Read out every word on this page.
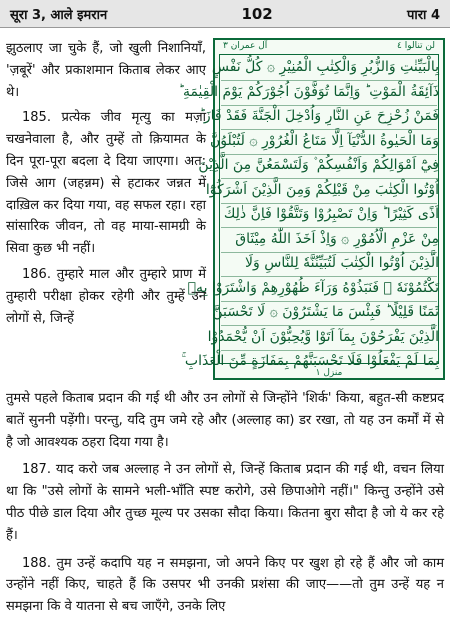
सूरा 3, आले इमरान	102	पारा 4

झुठलाए जा चुके हैं, जो खुली निशानियाँ, 'ज़बूरें' और प्रकाशमान किताब लेकर आए थे।

185. प्रत्येक जीव मृत्यु का मज़ा चखनेवाला है, और तुम्हें तो क़ियामत के दिन पूरा-पूरा बदला दे दिया जाएगा। अत: जिसे आग (जहन्नम) से हटाकर जन्नत में दाख़िल कर दिया गया, वह सफल रहा। रहा सांसारिक जीवन, तो वह माया-सामग्री के सिवा कुछ भी नहीं।

186. तुम्हारे माल और तुम्हारे प्राण में तुम्हारी परीक्षा होकर रहेगी और तुम्हें उन लोगों से, जिन्हें

آل عمران ٣	لن تنالوا ٤
بِالْبَيِّنٰتِ وَالزُّبُرِ وَالْكِتٰبِ الْمُنِيْرِ ۞ كُلُّ نَفْسٍ
ذَآئِقَةُ الْمَوْتِ ؕ وَاِنَّمَا تُوَفَّوْنَ اُجُوْرَكُمْ يَوْمَ الْقِيٰمَةِ ؕ
فَمَنْ زُحْزِحَ عَنِ النَّارِ وَاُدْخِلَ الْجَنَّةَ فَقَدْ فَازَ ؕ
وَمَا الْحَيٰوةُ الدُّنْيَآ اِلَّا مَتَاعُ الْغُرُوْرِ ۞ لَتُبْلَوُنَّ
فِيْٓ اَمْوَالِكُمْ وَاَنْفُسِكُمْ ۫ وَلَتَسْمَعُنَّ مِنَ الَّذِيْنَ
اُوْتُوا الْكِتٰبَ مِنْ قَبْلِكُمْ وَمِنَ الَّذِيْنَ اَشْرَكُوْٓا
اَذًى كَثِيْرًا ؕ وَاِنْ تَصْبِرُوْا وَتَتَّقُوْا فَاِنَّ ذٰلِكَ
مِنْ عَزْمِ الْاُمُوْرِ ۞ وَاِذْ اَخَذَ اللّٰهُ مِيْثَاقَ
الَّذِيْنَ اُوْتُوا الْكِتٰبَ لَتُبَيِّنُنَّهٗ لِلنَّاسِ وَلَا
تَكْتُمُوْنَهٗ ؗ فَنَبَذُوْهُ وَرَآءَ ظُهُوْرِهِمْ وَاشْتَرَوْا بِهٖ
ثَمَنًا قَلِيْلًا ؕ فَبِئْسَ مَا يَشْتَرُوْنَ ۞ لَا تَحْسَبَنَّ
الَّذِيْنَ يَفْرَحُوْنَ بِمَآ اَتَوْا وَّيُحِبُّوْنَ اَنْ يُّحْمَدُوْا
بِمَا لَمْ يَفْعَلُوْا فَلَا تَحْسَبَنَّهُمْ بِمَفَازَةٍ مِّنَ الْعَذَابِ ۚ
منزل ١

तुमसे पहले किताब प्रदान की गई थी और उन लोगों से जिन्होंने 'शिर्क' किया, बहुत-सी कष्टप्रद बातें सुननी पड़ेंगी। परन्तु, यदि तुम जमे रहे और (अल्लाह का) डर रखा, तो यह उन कर्मों में से है जो आवश्यक ठहरा दिया गया है।

187. याद करो जब अल्लाह ने उन लोगों से, जिन्हें किताब प्रदान की गई थी, वचन लिया था कि "उसे लोगों के सामने भली-भाँति स्पष्ट करोगे, उसे छिपाओगे नहीं।" किन्तु उन्होंने उसे पीठ पीछे डाल दिया और तुच्छ मूल्य पर उसका सौदा किया। कितना बुरा सौदा है जो ये कर रहे हैं।

188. तुम उन्हें कदापि यह न समझना, जो अपने किए पर खुश हो रहे हैं और जो काम उन्होंने नहीं किए, चाहते हैं कि उसपर भी उनकी प्रशंसा की जाए——तो तुम उन्हें यह न समझना कि वे यातना से बच जाएँगे, उनके लिए
